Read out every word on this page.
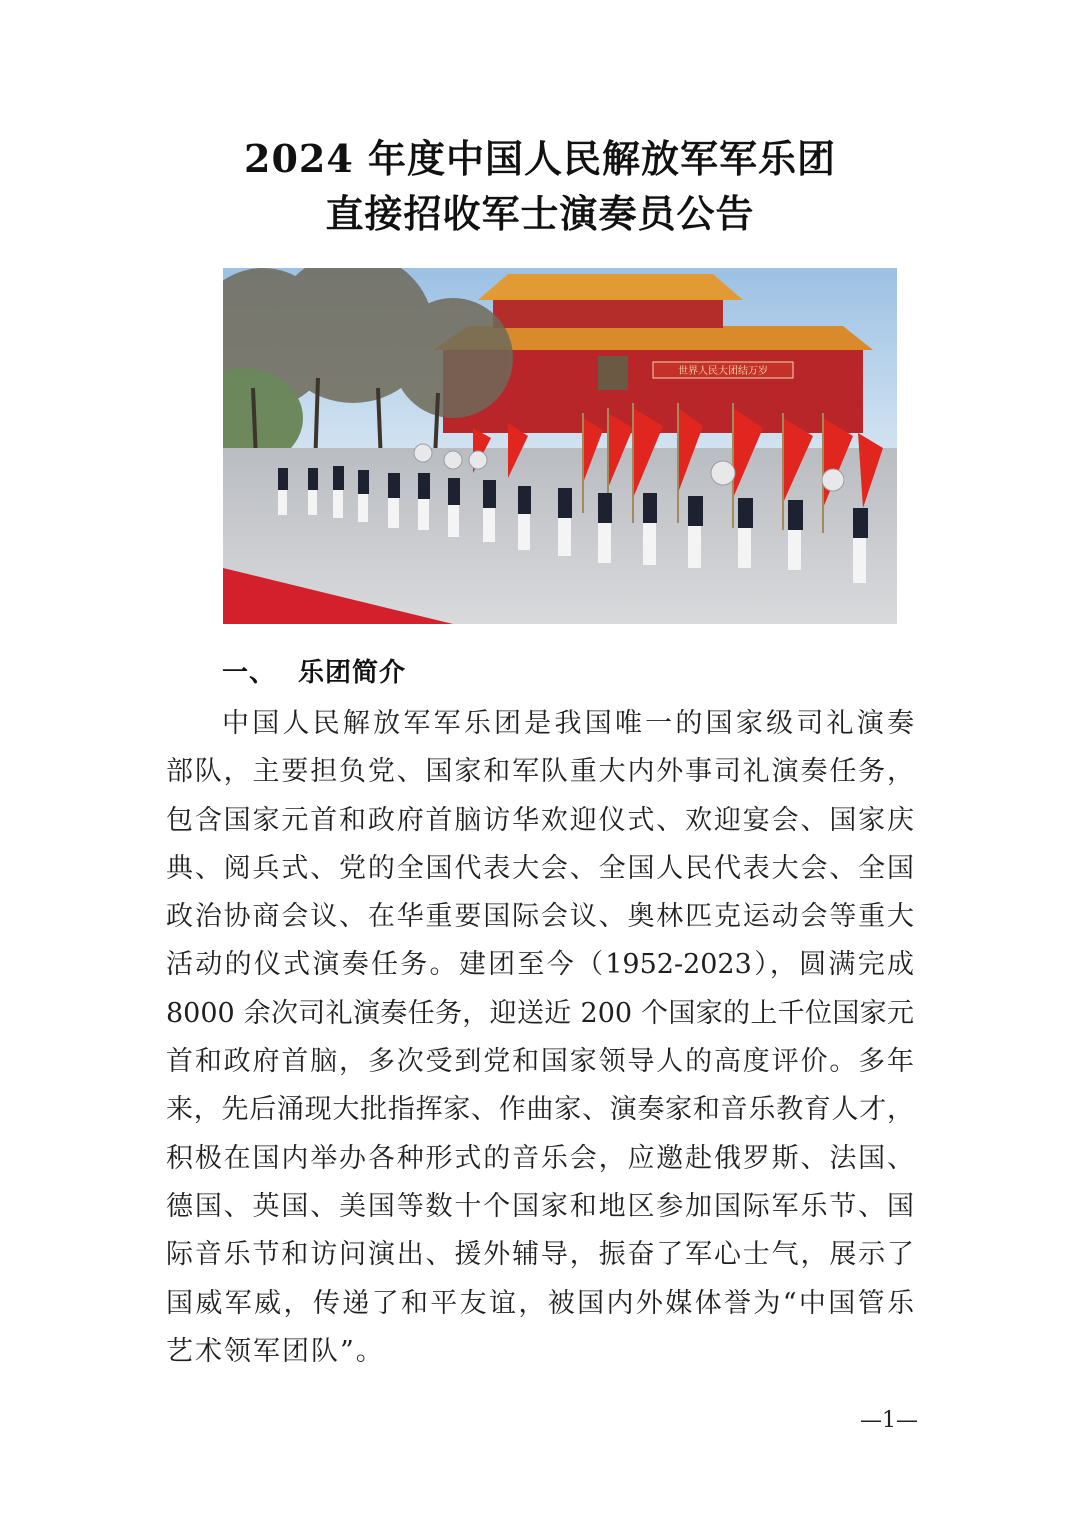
2024 年度中国人民解放军军乐团
直接招收军士演奏员公告
世界人民大团结万岁
一、 乐团简介
中国人民解放军军乐团是我国唯一的国家级司礼演奏
部队，主要担负党、国家和军队重大内外事司礼演奏任务，
包含国家元首和政府首脑访华欢迎仪式、欢迎宴会、国家庆
典、阅兵式、党的全国代表大会、全国人民代表大会、全国
政治协商会议、在华重要国际会议、奥林匹克运动会等重大
活动的仪式演奏任务。建团至今（1952-2023），圆满完成
8000 余次司礼演奏任务，迎送近 200 个国家的上千位国家元
首和政府首脑，多次受到党和国家领导人的高度评价。多年
来，先后涌现大批指挥家、作曲家、演奏家和音乐教育人才，
积极在国内举办各种形式的音乐会，应邀赴俄罗斯、法国、
德国、英国、美国等数十个国家和地区参加国际军乐节、国
际音乐节和访问演出、援外辅导，振奋了军心士气，展示了
国威军威，传递了和平友谊，被国内外媒体誉为“中国管乐
艺术领军团队”。
—1—
